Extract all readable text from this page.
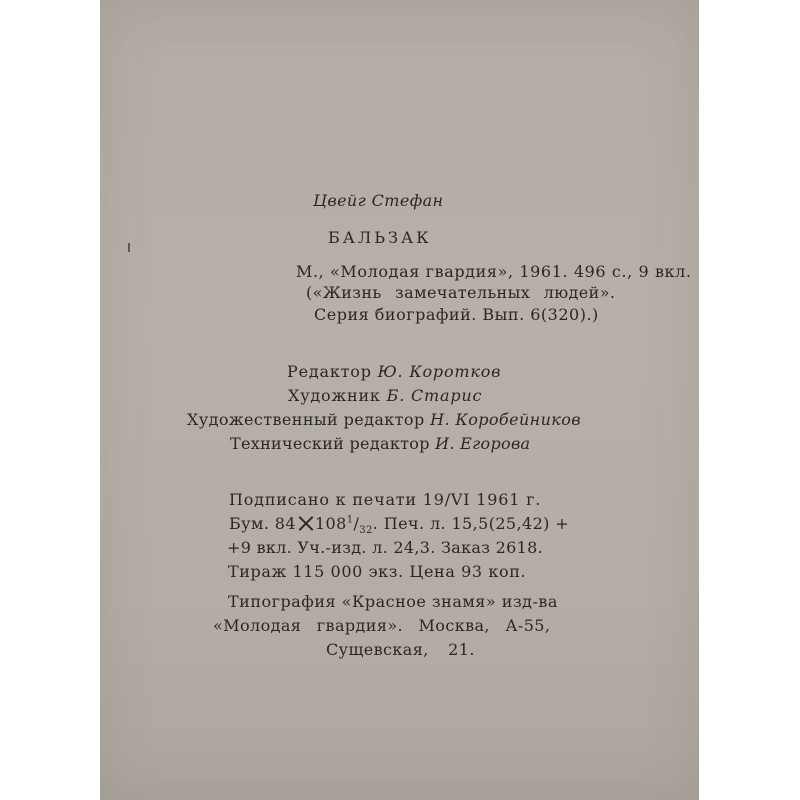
Цвейг Стефан
БАЛЬЗАК
М., «Молодая гвардия», 1961. 496 с., 9 вкл.
(«Жизнь замечательных людей».
Серия биографий. Вып. 6(320).)
Редактор Ю. Коротков
Художник Б. Старис
Художественный редактор Н. Коробейников
Технический редактор И. Егорова
Подписано к печати 19/VI 1961 г.
Бум. 84 $108^1/_{32}$. Печ. л. 15,5(25,42) +
+9 вкл. Уч.-изд. л. 24,3. Заказ 2618.
Тираж 115 000 экз. Цена 93 коп.
Типография «Красное знамя» изд-ва
«Молодая гвардия». Москва, А-55,
Сущевская, 21.
